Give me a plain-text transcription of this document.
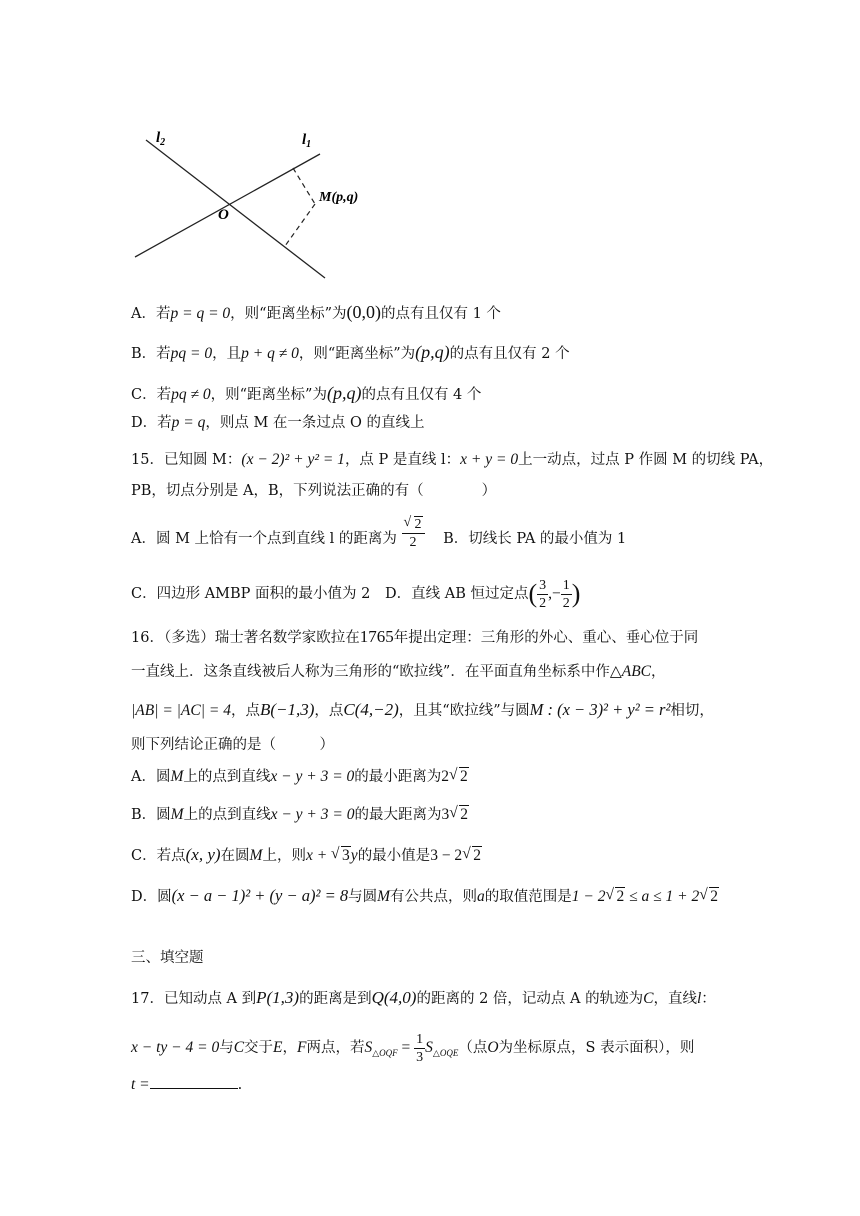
$l_2$	$l_1$
O
M(p,q)
A．若p = q = 0，则“距离坐标”为(0,0)的点有且仅有 1 个
B．若pq = 0，且p + q ≠ 0，则“距离坐标”为(p,q)的点有且仅有 2 个
C．若pq ≠ 0，则“距离坐标”为(p,q)的点有且仅有 4 个
D．若p = q，则点 M 在一条过点 O 的直线上
15．已知圆 M：(x − 2)² + y² = 1，点 P 是直线 l：x + y = 0上一动点，过点 P 作圆 M 的切线 PA，
PB，切点分别是 A，B，下列说法正确的有（　　　　）
A．圆 M 上恰有一个点到直线 l 的距离为 √ $\frac{2}{2}$ B．切线长 PA 的最小值为 1
C．四边形 AMBP 面积的最小值为 2 D．直线 AB 恒过定点( $\frac{3}{2}$ ,− $\frac{1}{2}$ )
16．（多选）瑞士著名数学家欧拉在1765年提出定理：三角形的外心、重心、垂心位于同
一直线上．这条直线被后人称为三角形的“欧拉线”．在平面直角坐标系中作△ABC，
|AB| = |AC| = 4，点B(−1,3)，点C(4,−2)，且其“欧拉线”与圆M : (x − 3)² + y² = r²相切，
则下列结论正确的是（　　　）
A．圆M上的点到直线x − y + 3 = 0的最小距离为2 √ 2
B．圆M上的点到直线x − y + 3 = 0的最大距离为3 √ 2
C．若点(x, y)在圆M上，则x + √ 3y的最小值是3 − 2 √ 2
D．圆(x − a − 1)² + (y − a)² = 8与圆M有公共点，则a的取值范围是1 − 2 √ 2 ≤ a ≤ 1 + 2 √ 2
三、填空题
17．已知动点 A 到P(1,3)的距离是到Q(4,0)的距离的 2 倍，记动点 A 的轨迹为C，直线l：
x − ty − 4 = 0与C交于E，F两点，若$S_{\triangle OQF} = \frac{1}{3} S_{\triangle OQE}$（点O为坐标原点，S 表示面积），则
t =	.
